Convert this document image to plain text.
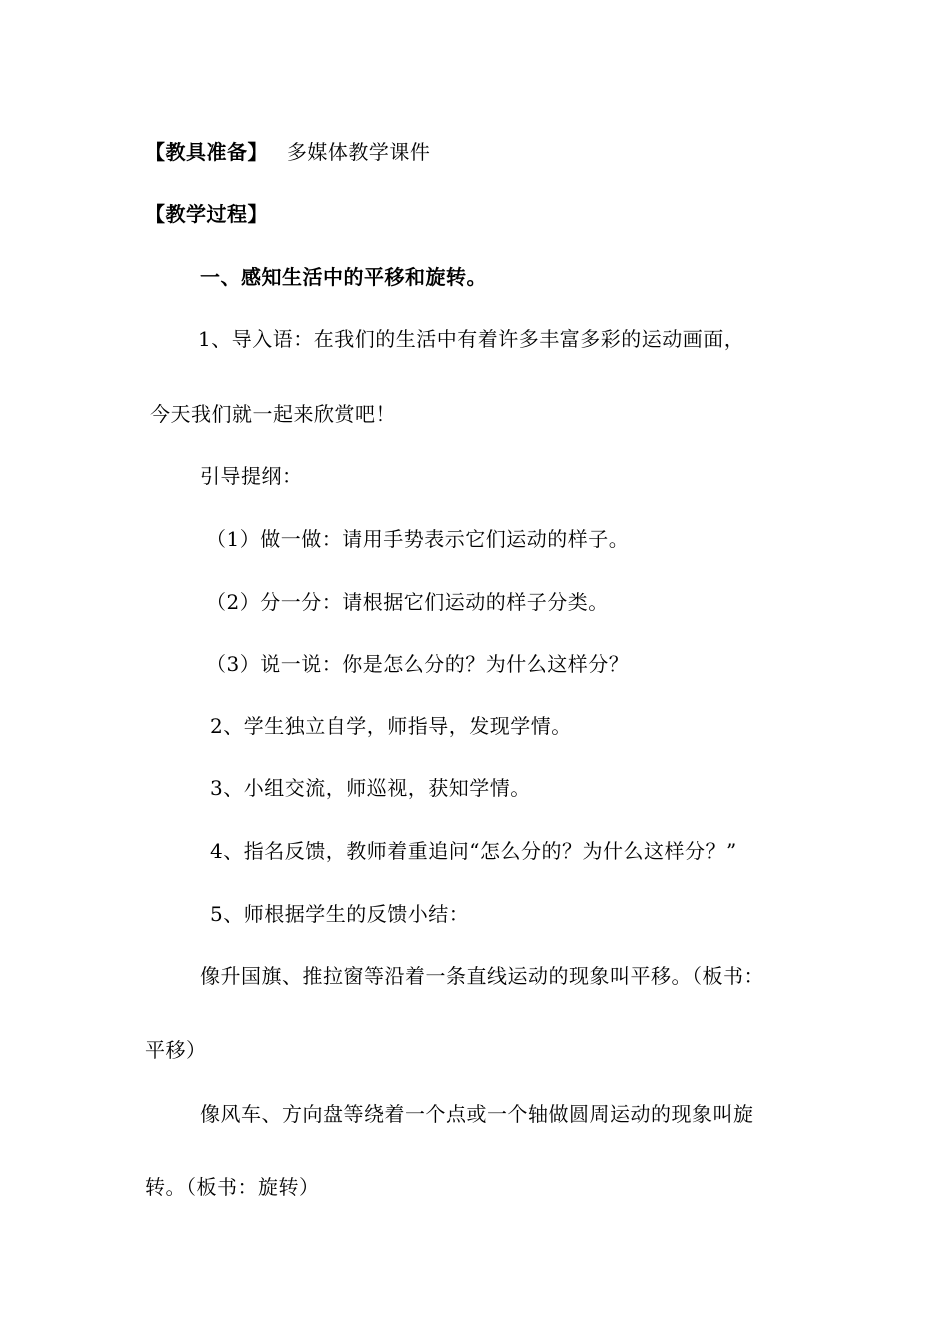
【教具准备】 多媒体教学课件
【教学过程】
一、感知生活中的平移和旋转。
1、导入语：在我们的生活中有着许多丰富多彩的运动画面，
今天我们就一起来欣赏吧！
引导提纲：
（1）做一做：请用手势表示它们运动的样子。
（2）分一分：请根据它们运动的样子分类。
（3）说一说：你是怎么分的？为什么这样分？
2、学生独立自学，师指导，发现学情。
3、小组交流，师巡视，获知学情。
4、指名反馈，教师着重追问“怎么分的？为什么这样分？”
5、师根据学生的反馈小结：
像升国旗、推拉窗等沿着一条直线运动的现象叫平移。（板书：
平移）
像风车、方向盘等绕着一个点或一个轴做圆周运动的现象叫旋
转。（板书：旋转）
